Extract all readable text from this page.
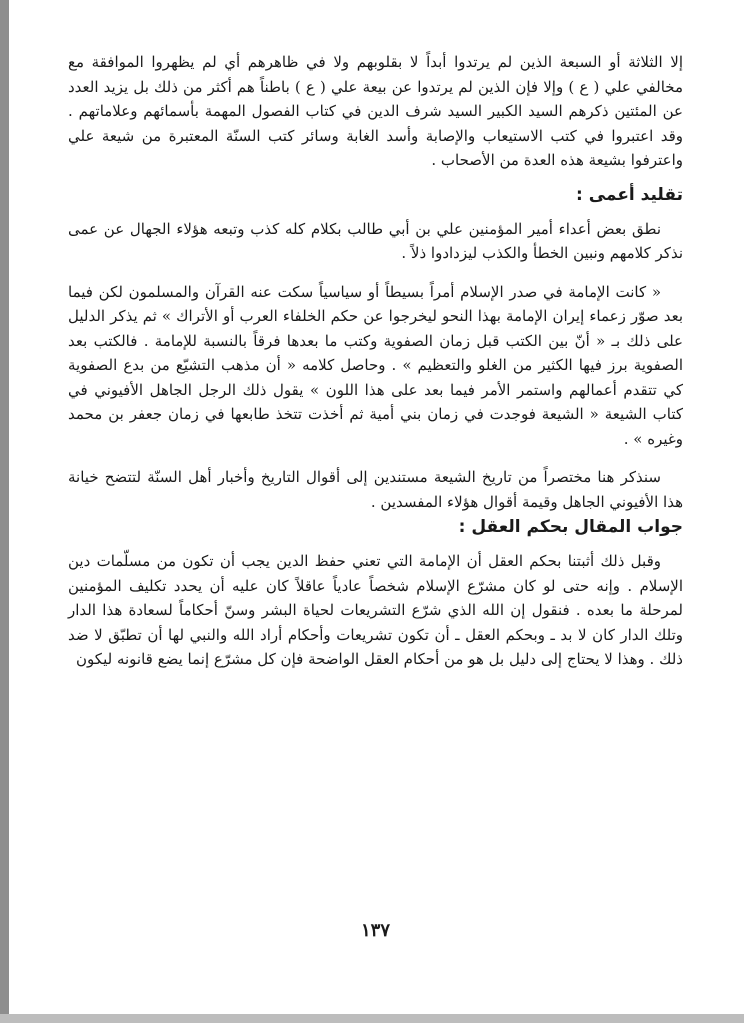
إلا الثلاثة أو السبعة الذين لم يرتدوا أبداً لا بقلوبهم ولا في ظاهرهم أي لم يظهروا الموافقة مع مخالفي علي ( ع ) وإلا فإن الذين لم يرتدوا عن بيعة علي ( ع ) باطناً هم أكثر من ذلك بل يزيد العدد عن المئتين ذكرهم السيد الكبير السيد شرف الدين في كتاب الفصول المهمة بأسمائهم وعلاماتهم . وقد اعتبروا في كتب الاستيعاب والإصابة وأسد الغابة وسائر كتب السنّة المعتبرة من شيعة علي واعترفوا بشيعة هذه العدة من الأصحاب .

تقليد أعمى :

نطق بعض أعداء أمير المؤمنين علي بن أبي طالب بكلام كله كذب وتبعه هؤلاء الجهال عن عمى نذكر كلامهم ونبين الخطأ والكذب ليزدادوا ذلاً .

« كانت الإمامة في صدر الإسلام أمراً بسيطاً أو سياسياً سكت عنه القرآن والمسلمون لكن فيما بعد صوّر زعماء إيران الإمامة بهذا النحو ليخرجوا عن حكم الخلفاء العرب أو الأتراك » ثم يذكر الدليل على ذلك بـ « أنّ بين الكتب قبل زمان الصفوية وكتب ما بعدها فرقاً بالنسبة للإمامة . فالكتب بعد الصفوية برز فيها الكثير من الغلو والتعظيم » . وحاصل كلامه « أن مذهب التشيّع من بدع الصفوية كي تتقدم أعمالهم واستمر الأمر فيما بعد على هذا اللون » يقول ذلك الرجل الجاهل الأفيوني في كتاب الشيعة « الشيعة فوجدت في زمان بني أمية ثم أخذت تتخذ طابعها في زمان جعفر بن محمد وغيره » .

سنذكر هنا مختصراً من تاريخ الشيعة مستندين إلى أقوال التاريخ وأخبار أهل السنّة لتتضح خيانة هذا الأفيوني الجاهل وقيمة أقوال هؤلاء المفسدين .

جواب المقال بحكم العقل :

وقبل ذلك أثبتنا بحكم العقل أن الإمامة التي تعني حفظ الدين يجب أن تكون من مسلّمات دين الإسلام . وإنه حتى لو كان مشرّع الإسلام شخصاً عادياً عاقلاً كان عليه أن يحدد تكليف المؤمنين لمرحلة ما بعده . فنقول إن الله الذي شرّع التشريعات لحياة البشر وسنّ أحكاماً لسعادة هذا الدار وتلك الدار كان لا بد ـ وبحكم العقل ـ أن تكون تشريعات وأحكام أراد الله والنبي لها أن تطبّق لا ضد ذلك . وهذا لا يحتاج إلى دليل بل هو من أحكام العقل الواضحة فإن كل مشرّع إنما يضع قانونه ليكون

١٣٧
